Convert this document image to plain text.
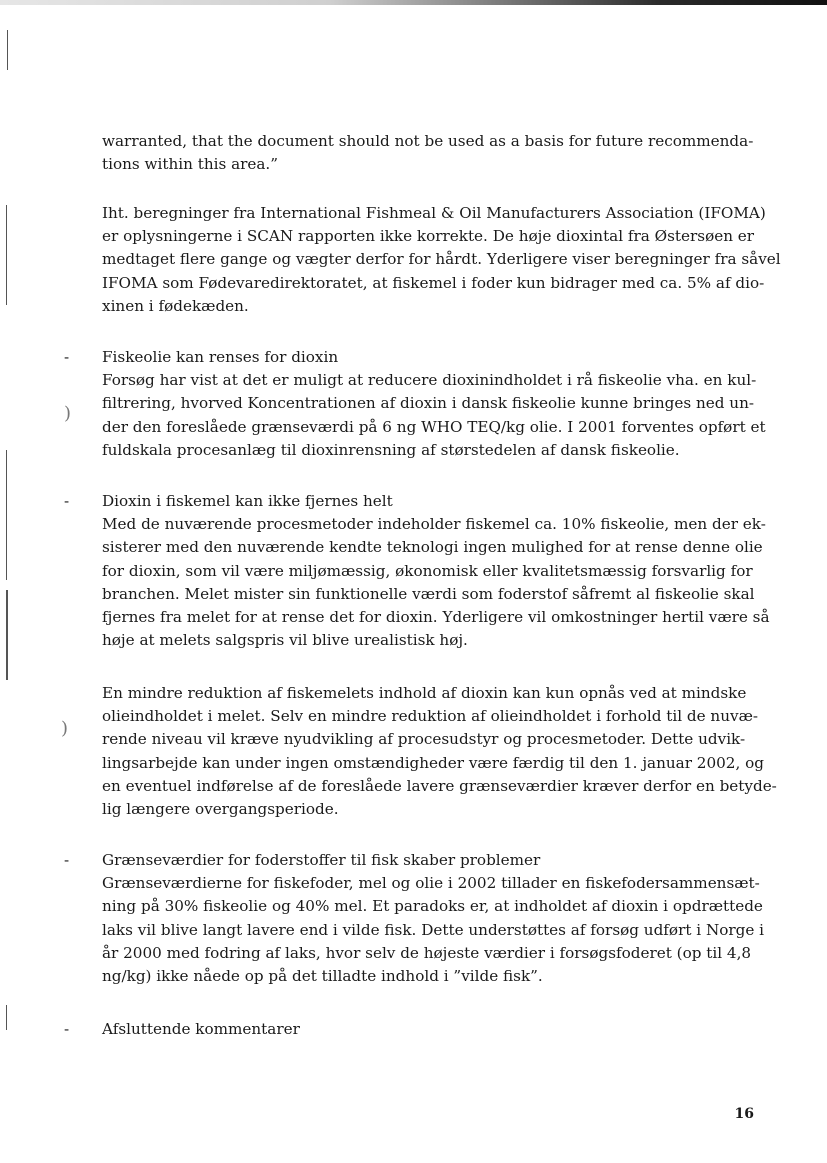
)
)

warranted, that the document should not be used as a basis for future recommenda-
tions within this area.”

Iht. beregninger fra International Fishmeal & Oil Manufacturers Association (IFOMA)
er oplysningerne i SCAN rapporten ikke korrekte. De høje dioxintal fra Østersøen er
medtaget flere gange og vægter derfor for hårdt. Yderligere viser beregninger fra såvel
IFOMA som Fødevaredirektoratet, at fiskemel i foder kun bidrager med ca. 5% af dio-
xinen i fødekæden.

- Fiskeolie kan renses for dioxin
Forsøg har vist at det er muligt at reducere dioxinindholdet i rå fiskeolie vha. en kul-
filtrering, hvorved Koncentrationen af dioxin i dansk fiskeolie kunne bringes ned un-
der den foreslåede grænseværdi på 6 ng WHO TEQ/kg olie. I 2001 forventes opført et
fuldskala procesanlæg til dioxinrensning af størstedelen af dansk fiskeolie.

- Dioxin i fiskemel kan ikke fjernes helt
Med de nuværende procesmetoder indeholder fiskemel ca. 10% fiskeolie, men der ek-
sisterer med den nuværende kendte teknologi ingen mulighed for at rense denne olie
for dioxin, som vil være miljømæssig, økonomisk eller kvalitetsmæssig forsvarlig for
branchen. Melet mister sin funktionelle værdi som foderstof såfremt al fiskeolie skal
fjernes fra melet for at rense det for dioxin. Yderligere vil omkostninger hertil være så
høje at melets salgspris vil blive urealistisk høj.

En mindre reduktion af fiskemelets indhold af dioxin kan kun opnås ved at mindske
olieindholdet i melet. Selv en mindre reduktion af olieindholdet i forhold til de nuvæ-
rende niveau vil kræve nyudvikling af procesudstyr og procesmetoder. Dette udvik-
lingsarbejde kan under ingen omstændigheder være færdig til den 1. januar 2002, og
en eventuel indførelse af de foreslåede lavere grænseværdier kræver derfor en betyde-
lig længere overgangsperiode.

- Grænseværdier for foderstoffer til fisk skaber problemer
Grænseværdierne for fiskefoder, mel og olie i 2002 tillader en fiskefodersammensæt-
ning på 30% fiskeolie og 40% mel. Et paradoks er, at indholdet af dioxin i opdrættede
laks vil blive langt lavere end i vilde fisk. Dette understøttes af forsøg udført i Norge i
år 2000 med fodring af laks, hvor selv de højeste værdier i forsøgsfoderet (op til 4,8
ng/kg) ikke nåede op på det tilladte indhold i ”vilde fisk”.

- Afsluttende kommentarer

16
